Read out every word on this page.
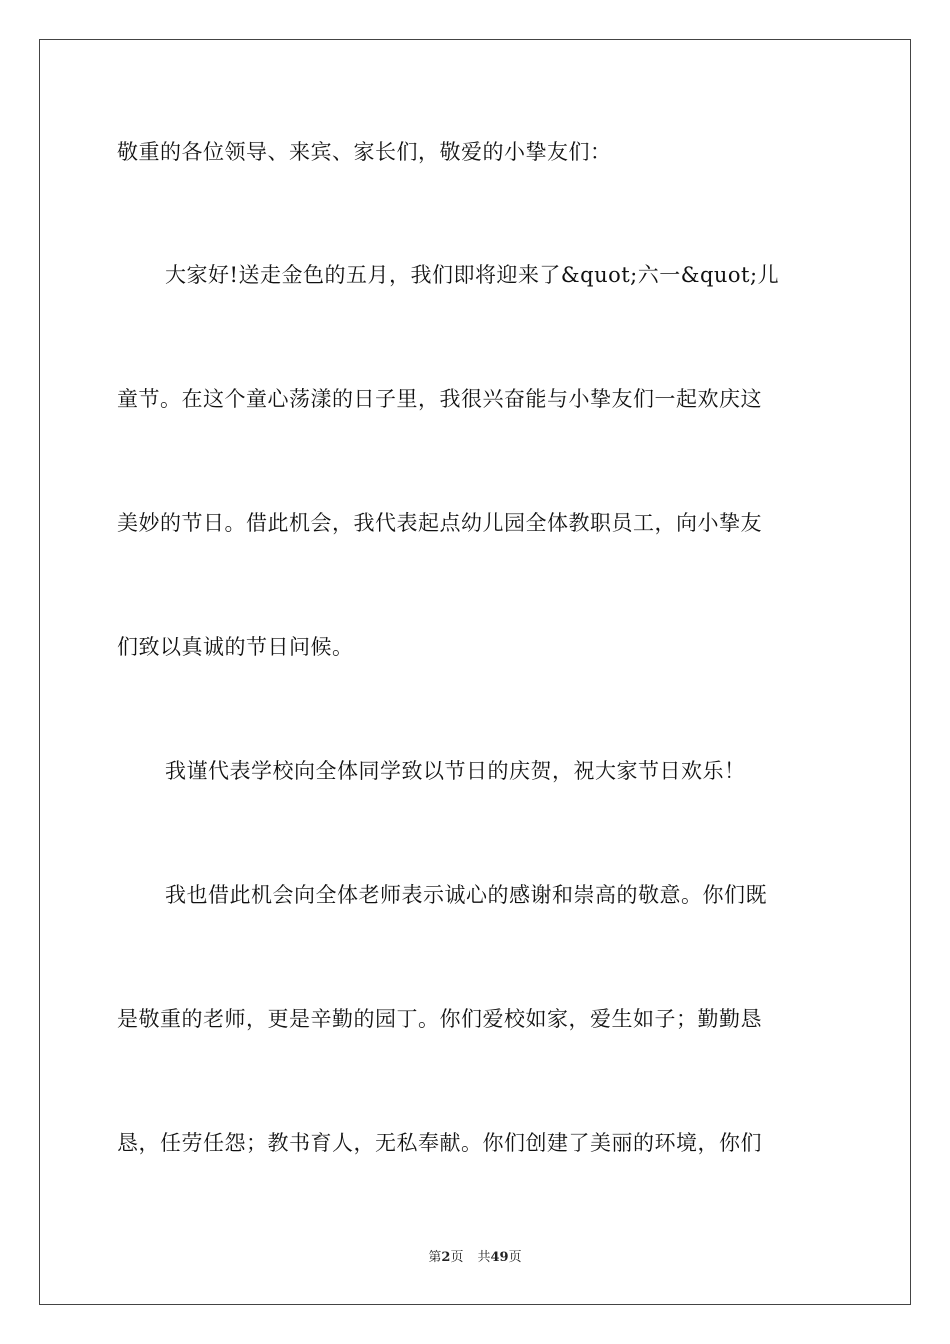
敬重的各位领导、来宾、家长们，敬爱的小挚友们：
大家好!送走金色的五月，我们即将迎来了&quot;六一&quot;儿
童节。在这个童心荡漾的日子里，我很兴奋能与小挚友们一起欢庆这
美妙的节日。借此机会，我代表起点幼儿园全体教职员工，向小挚友
们致以真诚的节日问候。
我谨代表学校向全体同学致以节日的庆贺，祝大家节日欢乐！
我也借此机会向全体老师表示诚心的感谢和崇高的敬意。你们既
是敬重的老师，更是辛勤的园丁。你们爱校如家，爱生如子；勤勤恳
恳，任劳任怨；教书育人，无私奉献。你们创建了美丽的环境，你们
第2页 共49页
